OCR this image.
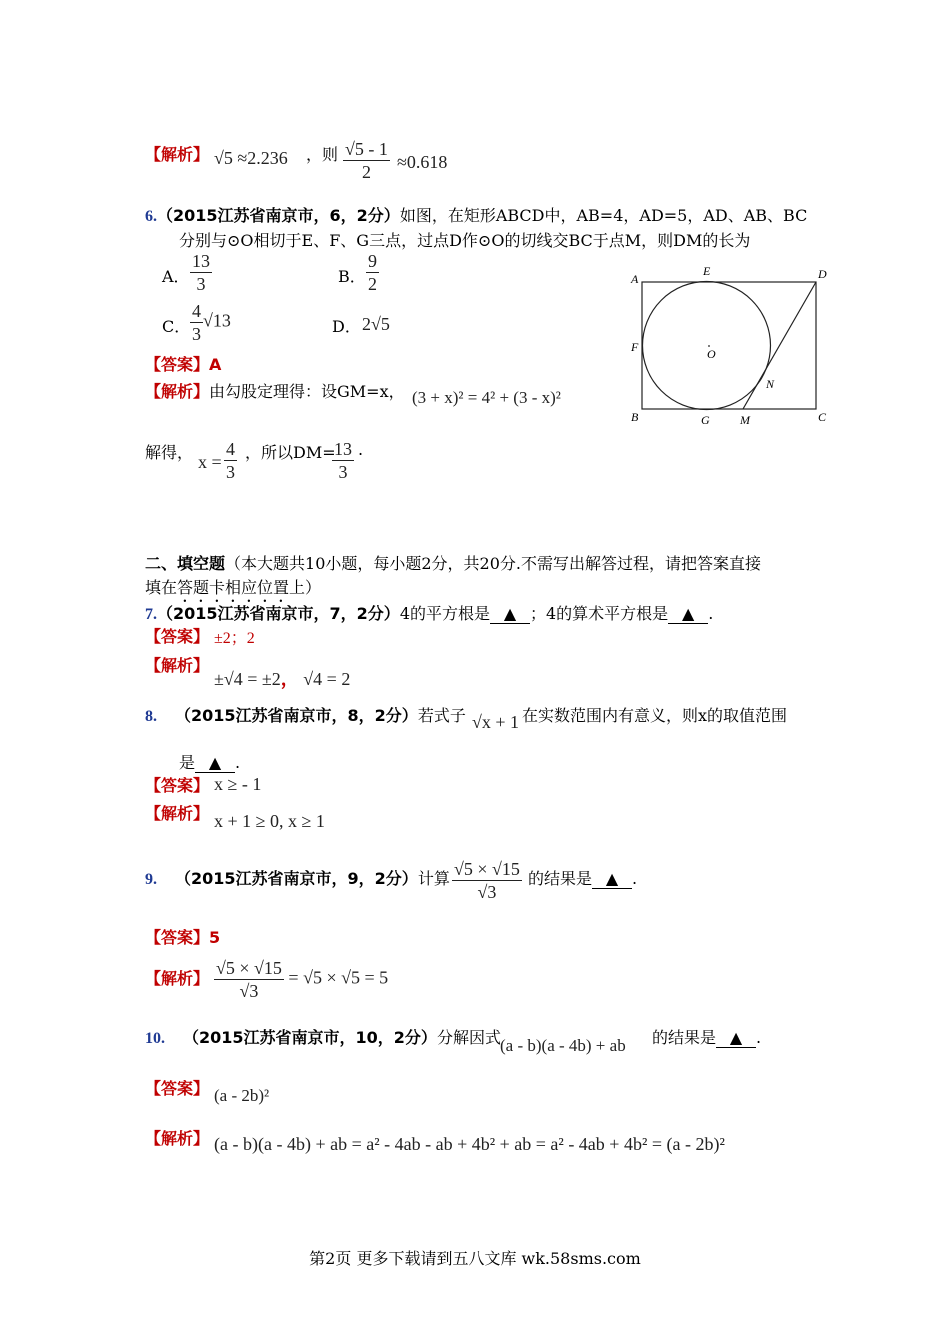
【解析】 √5 ≈2.236 ，则 $\frac{√5 - 1}{2} \approx 0.618$
6.（2015江苏省南京市，6，2分）如图，在矩形ABCD中，AB=4，AD=5，AD、AB、BC
分别与⊙O相切于E、F、G三点，过点D作⊙O的切线交BC于点M，则DM的长为
A． $\frac{13}{3}$	B． $\frac{9}{2}$
C． $\frac{4}{3} √13$	D． 2√5
【答案】A
【解析】由勾股定理得：设GM=x， (3 + x)² = 4² + (3 - x)²
解得， $x = \frac{4}{3}$ ，所以DM=
$\frac{13}{3}$ .
A
E	D
F	O
N
B	G	M	C
二、填空题（本大题共10小题，每小题2分，共20分.不需写出解答过程，请把答案直接
填在答题卡相应位置上）
7.（2015江苏省南京市，7，2分）4的平方根是 ▲ ；4的算术平方根是 ▲ .
【答案】 ±2；2
【解析】
±√4 = ±2， √4 = 2
8. （2015江苏省南京市，8，2分）若式子 √x + 1 在实数范围内有意义，则x的取值范围
是 ▲ .
【答案】 x ≥ - 1
【解析】 x + 1 ≥ 0, x ≥ 1
9. （2015江苏省南京市，9，2分）计算 $\frac{√5 \times √15}{√3}$ 的结果是 ▲ .
【答案】5
【解析】 $\frac{√5 \times √15}{√3} = √5 \times √5 = 5$
10. （2015江苏省南京市，10，2分）分解因式 (a - b)(a - 4b) + ab 的结果是 ▲ .
【答案】 (a - 2b)²
【解析】 (a - b)(a - 4b) + ab = a² - 4ab - ab + 4b² + ab = a² - 4ab + 4b² = (a - 2b)²
第2页 更多下载请到五八文库 wk.58sms.com
